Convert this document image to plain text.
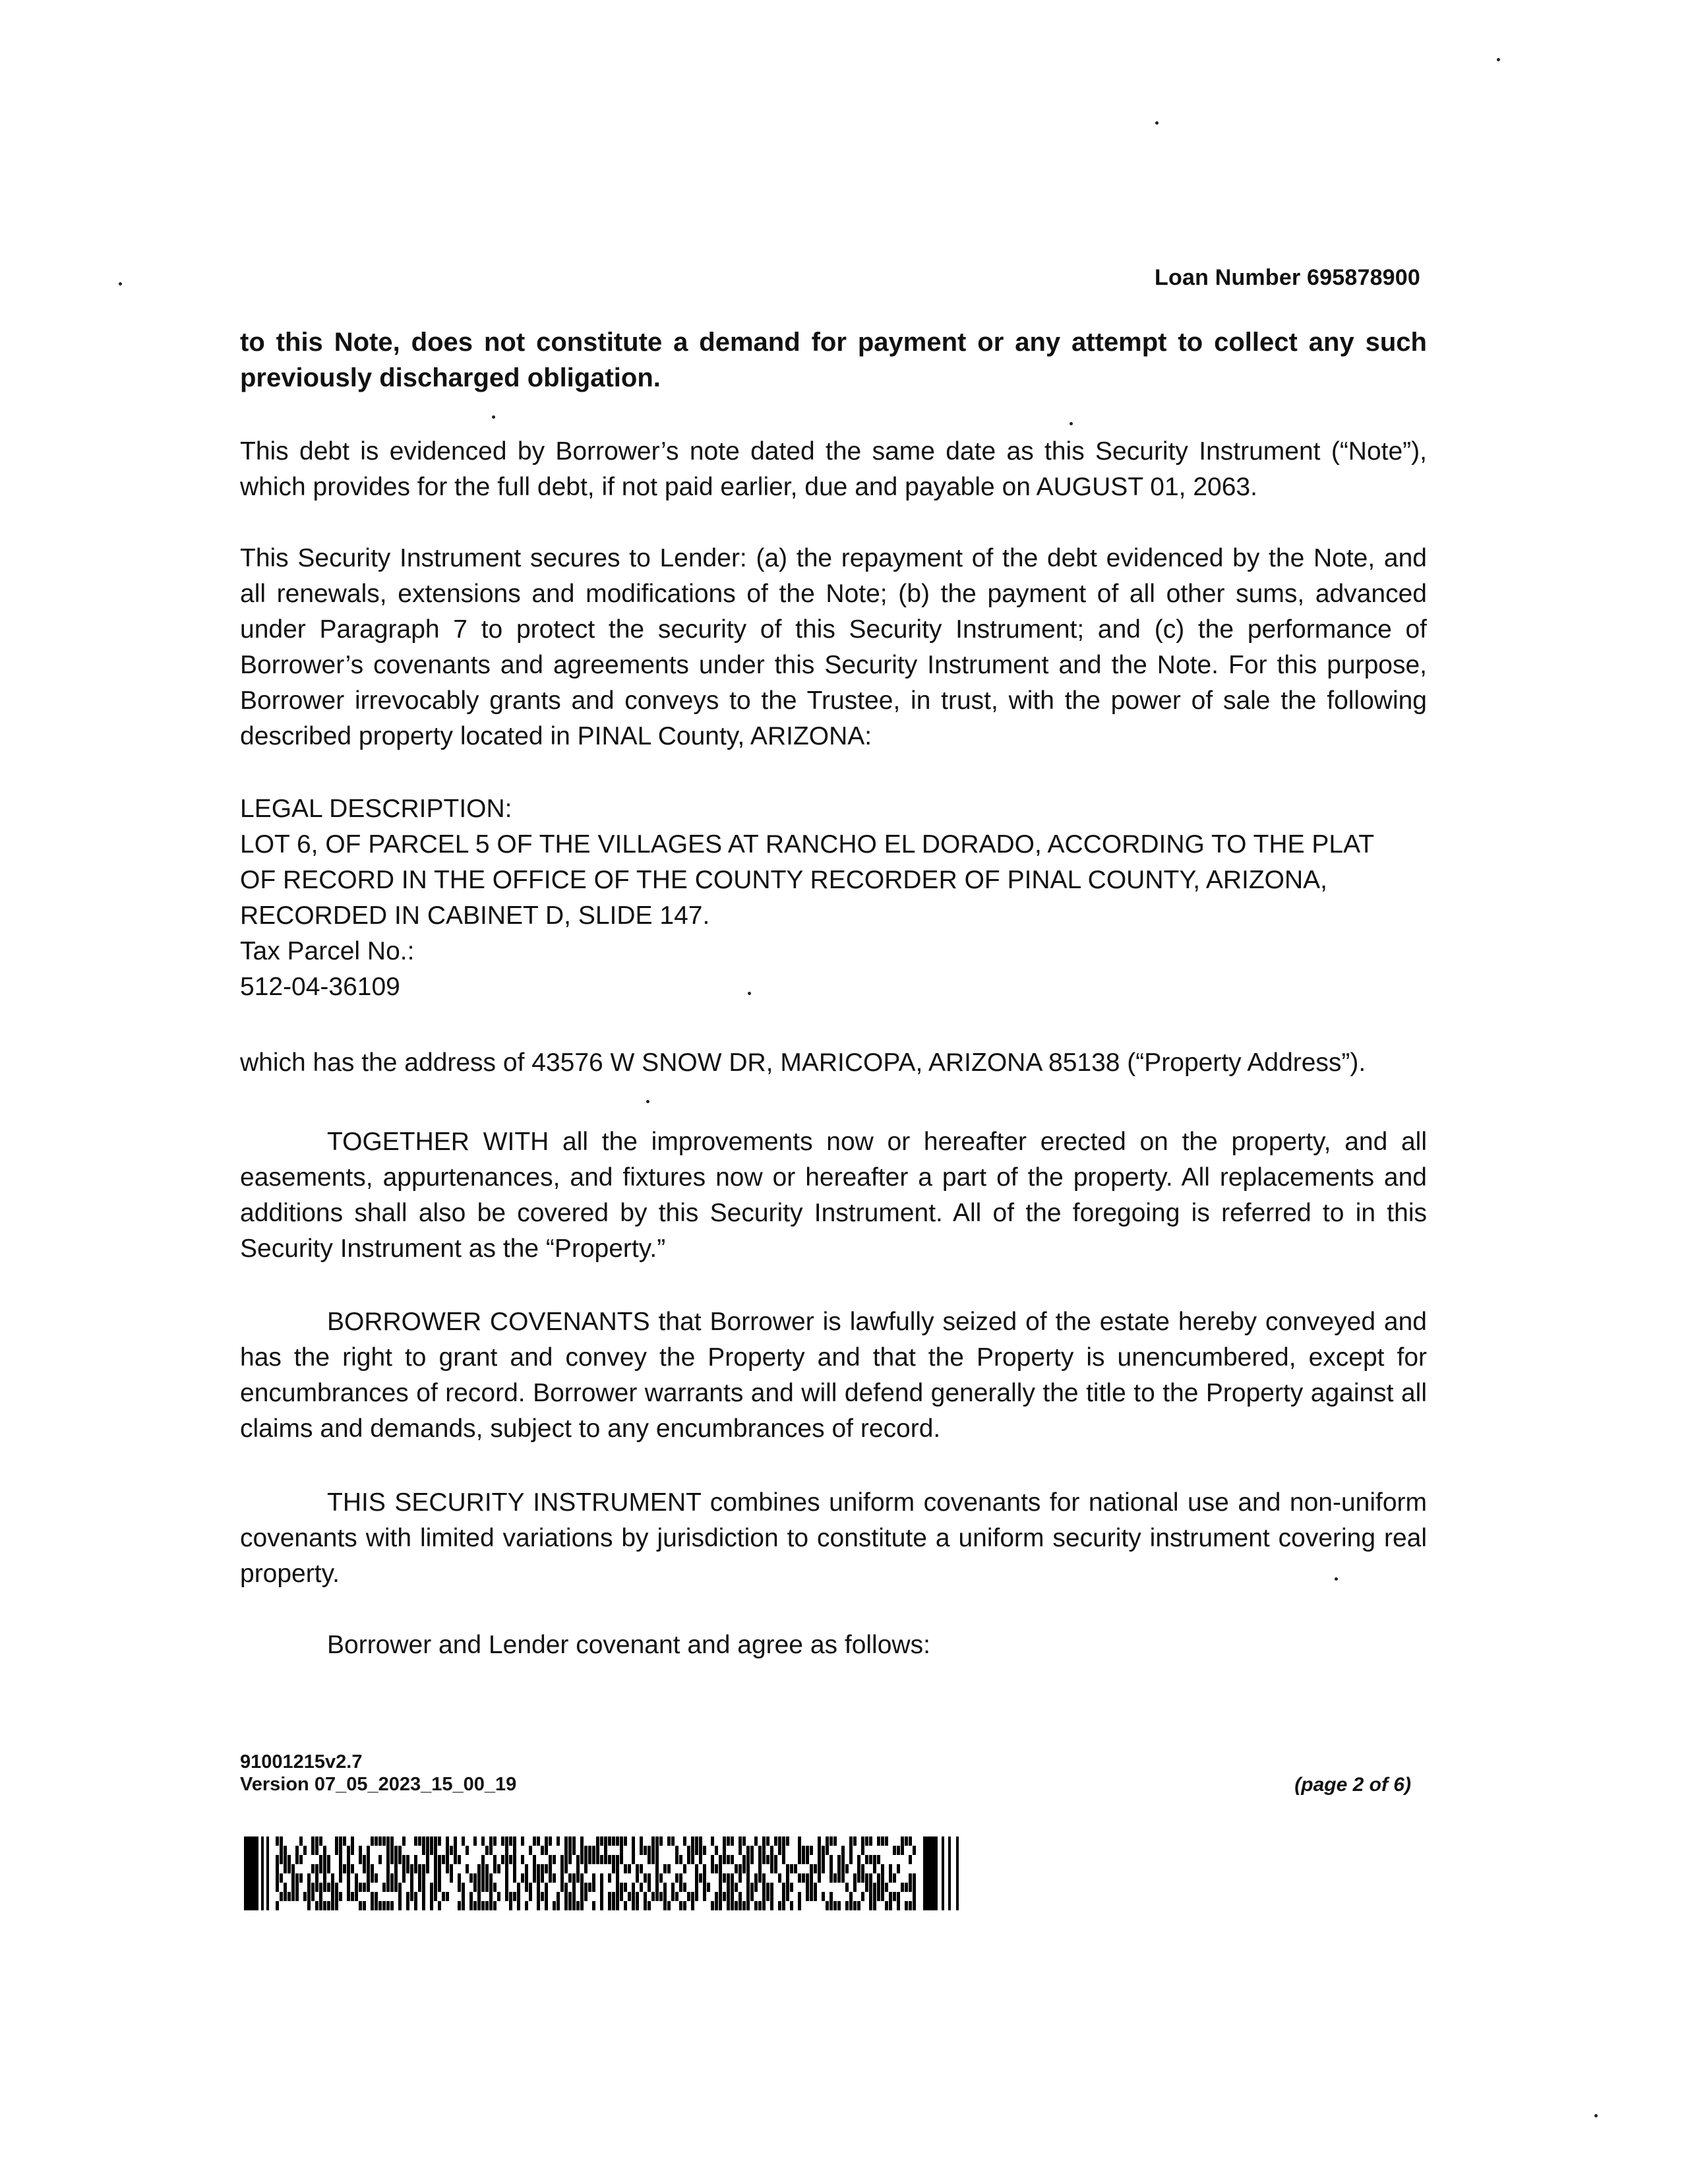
Loan Number 695878900
to this Note, does not constitute a demand for payment or any attempt to collect any such previously discharged obligation.
This debt is evidenced by Borrower’s note dated the same date as this Security Instrument (“Note”), which provides for the full debt, if not paid earlier, due and payable on AUGUST 01, 2063.
This Security Instrument secures to Lender: (a) the repayment of the debt evidenced by the Note, and all renewals, extensions and modifications of the Note; (b) the payment of all other sums, advanced under Paragraph 7 to protect the security of this Security Instrument; and (c) the performance of Borrower’s covenants and agreements under this Security Instrument and the Note. For this purpose, Borrower irrevocably grants and conveys to the Trustee, in trust, with the power of sale the following described property located in PINAL County, ARIZONA:
LEGAL DESCRIPTION:
LOT 6, OF PARCEL 5 OF THE VILLAGES AT RANCHO EL DORADO, ACCORDING TO THE PLAT
OF RECORD IN THE OFFICE OF THE COUNTY RECORDER OF PINAL COUNTY, ARIZONA,
RECORDED IN CABINET D, SLIDE 147.
Tax Parcel No.:
512-04-36109
which has the address of 43576 W SNOW DR, MARICOPA, ARIZONA 85138 (“Property Address”).
TOGETHER WITH all the improvements now or hereafter erected on the property, and all easements, appurtenances, and fixtures now or hereafter a part of the property. All replacements and additions shall also be covered by this Security Instrument. All of the foregoing is referred to in this Security Instrument as the “Property.”
BORROWER COVENANTS that Borrower is lawfully seized of the estate hereby conveyed and has the right to grant and convey the Property and that the Property is unencumbered, except for encumbrances of record. Borrower warrants and will defend generally the title to the Property against all claims and demands, subject to any encumbrances of record.
THIS SECURITY INSTRUMENT combines uniform covenants for national use and non-uniform covenants with limited variations by jurisdiction to constitute a uniform security instrument covering real property.
Borrower and Lender covenant and agree as follows:
91001215v2.7
Version 07_05_2023_15_00_19	(page 2 of 6)
